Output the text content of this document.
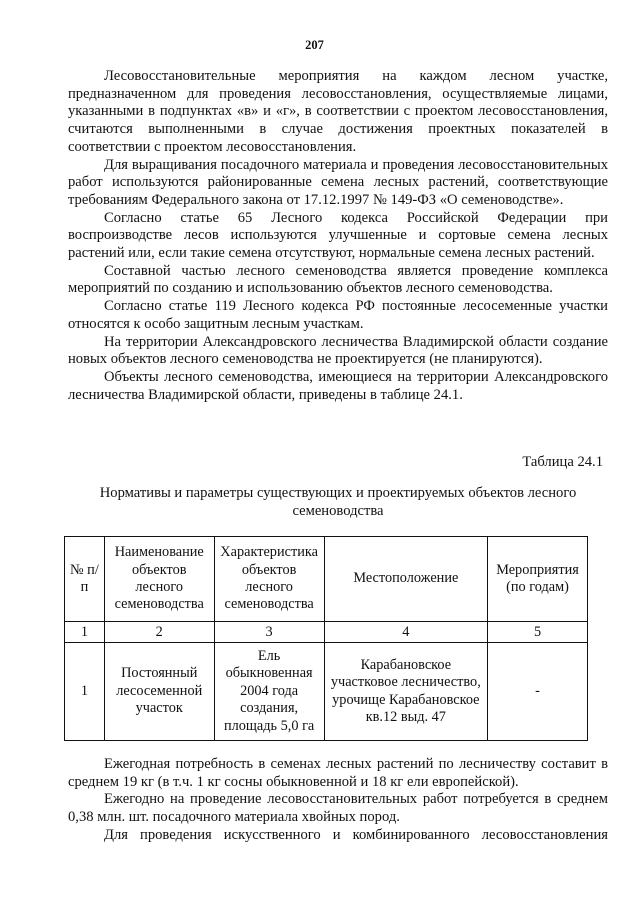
207

Лесовосстановительные мероприятия на каждом лесном участке, предназначенном для проведения лесовосстановления, осуществляемые лицами, указанными в подпунктах «в» и «г», в соответствии с проектом лесовосстановления, считаются выполненными в случае достижения проектных показателей в соответствии с проектом лесовосстановления.

Для выращивания посадочного материала и проведения лесовосстановительных работ используются районированные семена лесных растений, соответствующие требованиям Федерального закона от 17.12.1997 № 149-ФЗ «О семеноводстве».

Согласно статье 65 Лесного кодекса Российской Федерации при воспроизводстве лесов используются улучшенные и сортовые семена лесных растений или, если такие семена отсутствуют, нормальные семена лесных растений.

Составной частью лесного семеноводства является проведение комплекса мероприятий по созданию и использованию объектов лесного семеноводства.

Согласно статье 119 Лесного кодекса РФ постоянные лесосеменные участки относятся к особо защитным лесным участкам.

На территории Александровского лесничества Владимирской области создание новых объектов лесного семеноводства не проектируется (не планируются).

Объекты лесного семеноводства, имеющиеся на территории Александровского лесничества Владимирской области, приведены в таблице 24.1.

Таблица 24.1
Нормативы и параметры существующих и проектируемых объектов лесного семеноводства
№ п/п	Наименование объектов лесного семеноводства	Характеристика объектов лесного семеноводства	Местоположение	Мероприятия (по годам)
1	2	3	4	5
1	Постоянный лесосеменной участок	Ель обыкновенная 2004 года создания, площадь 5,0 га	Карабановское участковое лесничество, урочище Карабановское кв.12 выд. 47	-

Ежегодная потребность в семенах лесных растений по лесничеству составит в среднем 19 кг (в т.ч. 1 кг сосны обыкновенной и 18 кг ели европейской).

Ежегодно на проведение лесовосстановительных работ потребуется в среднем 0,38 млн. шт. посадочного материала хвойных пород.

Для проведения искусственного и комбинированного лесовосстановления
